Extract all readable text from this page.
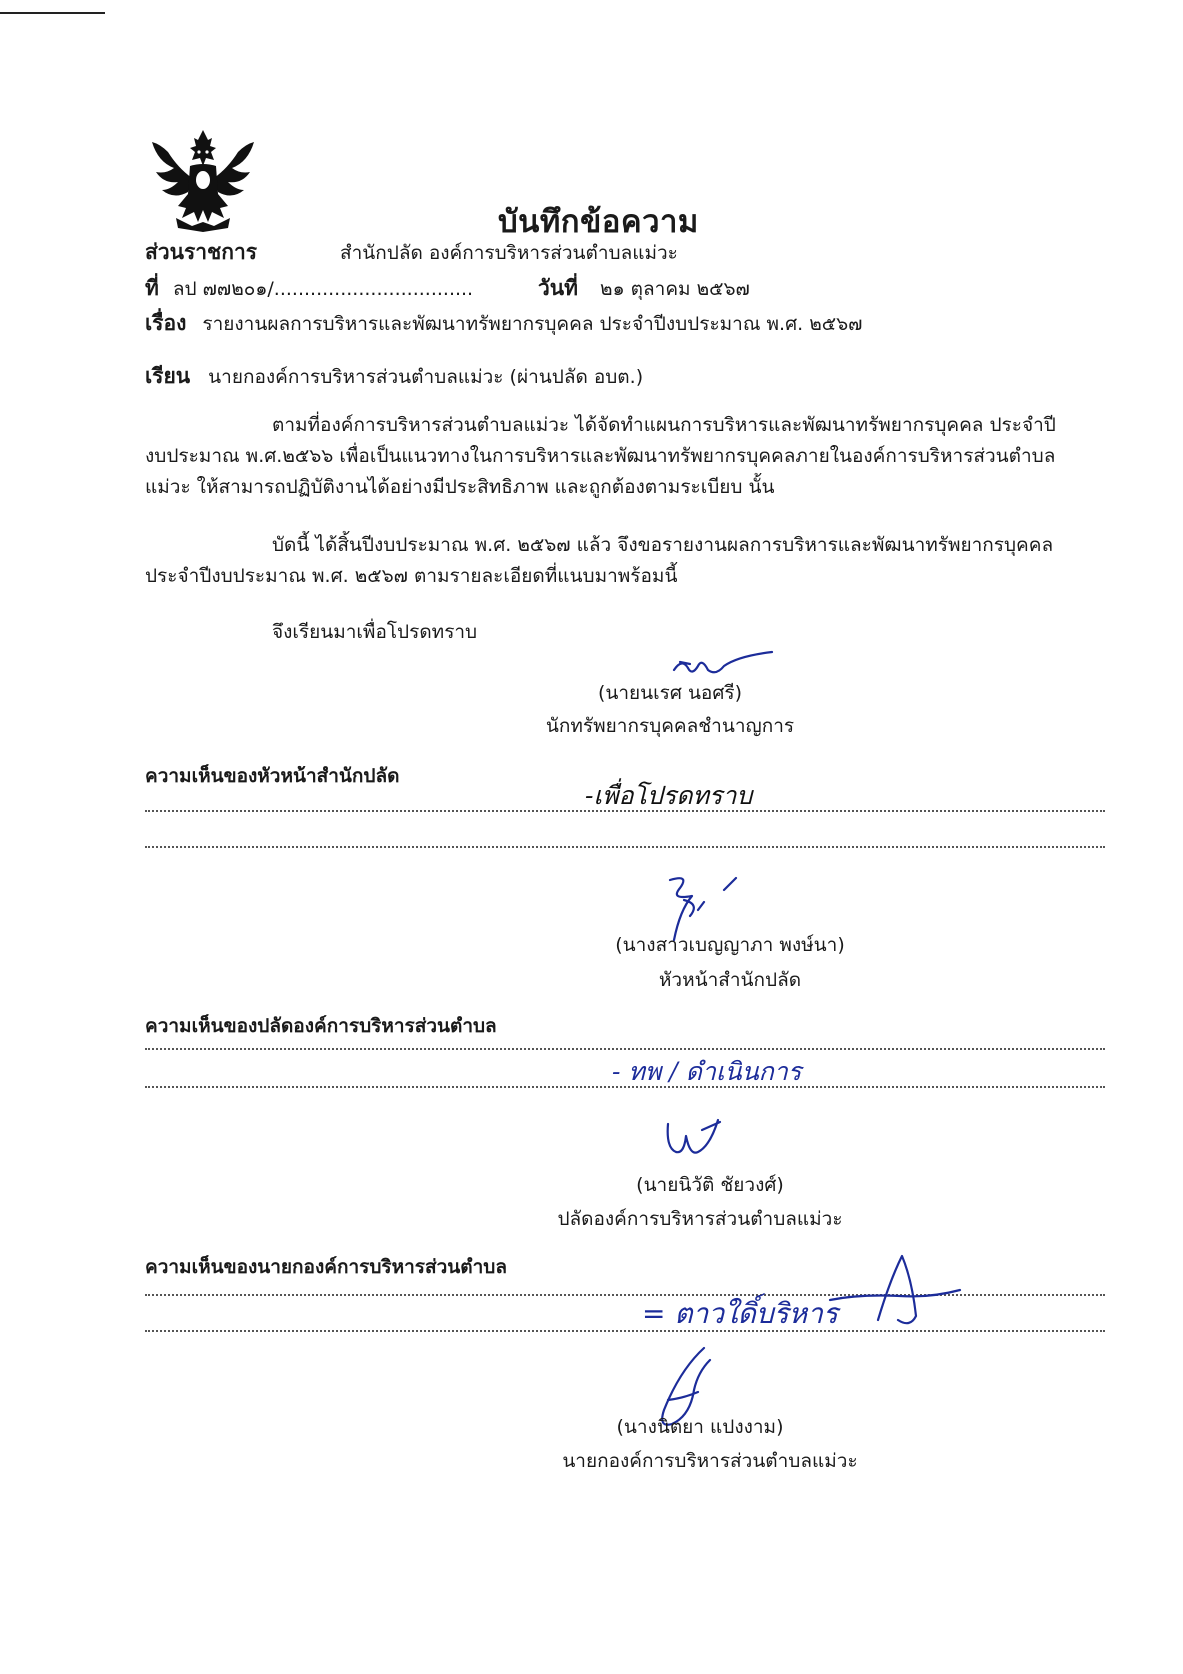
บันทึกข้อความ
ส่วนราชการ	สำนักปลัด องค์การบริหารส่วนตำบลแม่วะ
ที่ ลป ๗๗๒๐๑/.................................	วันที่ ๒๑ ตุลาคม ๒๕๖๗
เรื่อง รายงานผลการบริหารและพัฒนาทรัพยากรบุคคล ประจำปีงบประมาณ พ.ศ. ๒๕๖๗
เรียน นายกองค์การบริหารส่วนตำบลแม่วะ (ผ่านปลัด อบต.)

ตามที่องค์การบริหารส่วนตำบลแม่วะ ได้จัดทำแผนการบริหารและพัฒนาทรัพยากรบุคคล ประจำปี

งบประมาณ พ.ศ.๒๕๖๖ เพื่อเป็นแนวทางในการบริหารและพัฒนาทรัพยากรบุคคลภายในองค์การบริหารส่วนตำบล

แม่วะ ให้สามารถปฏิบัติงานได้อย่างมีประสิทธิภาพ และถูกต้องตามระเบียบ นั้น

บัดนี้ ได้สิ้นปีงบประมาณ พ.ศ. ๒๕๖๗ แล้ว จึงขอรายงานผลการบริหารและพัฒนาทรัพยากรบุคคล

ประจำปีงบประมาณ พ.ศ. ๒๕๖๗ ตามรายละเอียดที่แนบมาพร้อมนี้

จึงเรียนมาเพื่อโปรดทราบ
(นายนเรศ นอศรี)
นักทรัพยากรบุคคลชำนาญการ
ความเห็นของหัวหน้าสำนักปลัด
-เพื่อโปรดทราบ
(นางสาวเบญญาภา พงษ์นา)
หัวหน้าสำนักปลัด
ความเห็นของปลัดองค์การบริหารส่วนตำบล
- ทพ / ดำเนินการ
(นายนิวัติ ชัยวงศ์)
ปลัดองค์การบริหารส่วนตำบลแม่วะ
ความเห็นของนายกองค์การบริหารส่วนตำบล
= ตาวใดิ์บริหาร
(นางนิตยา แปงงาม)
นายกองค์การบริหารส่วนตำบลแม่วะ
